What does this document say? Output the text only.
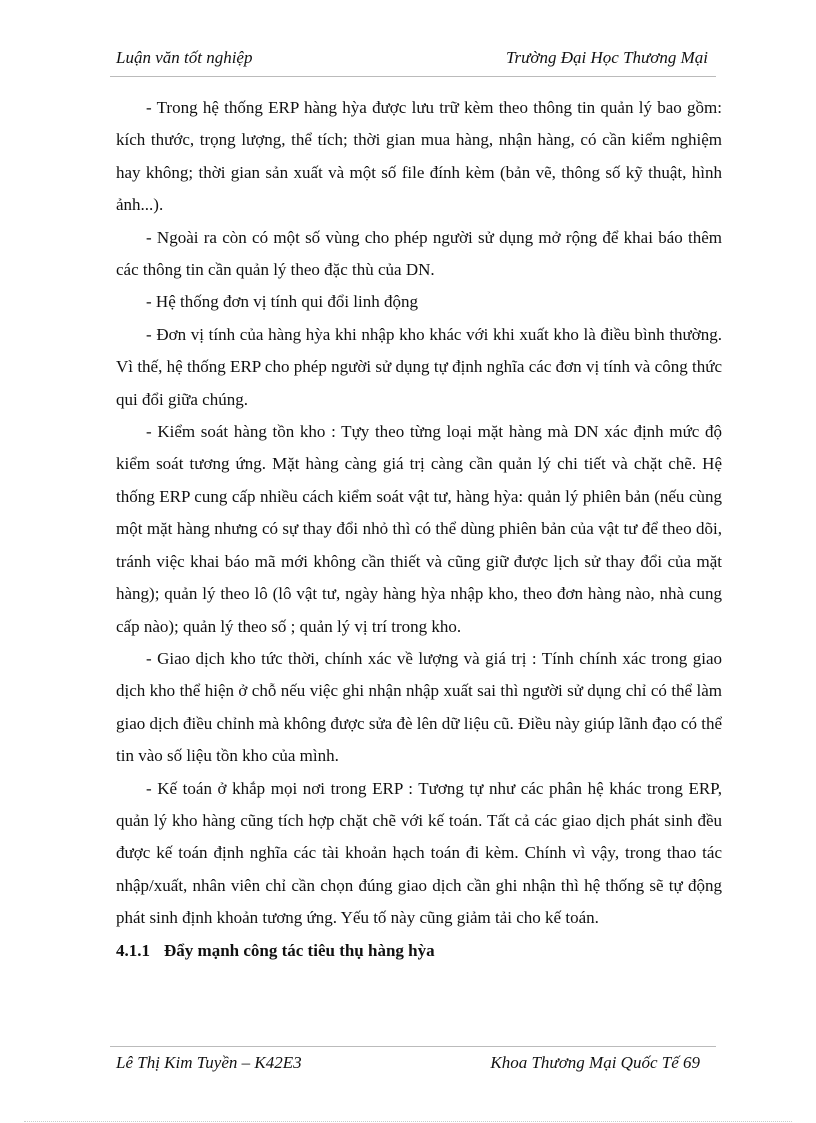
Luận văn tốt nghiệp	Trường Đại Học Thương Mại

- Trong hệ thống ERP hàng hỳa được lưu trữ kèm theo thông tin quản lý bao gồm: kích thước, trọng lượng, thể tích; thời gian mua hàng, nhận hàng, có cần kiểm nghiệm hay không; thời gian sản xuất và một số file đính kèm (bản vẽ, thông số kỹ thuật, hình ảnh...).

- Ngoài ra còn có một số vùng cho phép người sử dụng mở rộng để khai báo thêm các thông tin cần quản lý theo đặc thù của DN.

- Hệ thống đơn vị tính qui đổi linh động

- Đơn vị tính của hàng hỳa khi nhập kho khác với khi xuất kho là điều bình thường. Vì thế, hệ thống ERP cho phép người sử dụng tự định nghĩa các đơn vị tính và công thức qui đổi giữa chúng.

- Kiểm soát hàng tồn kho : Tựy theo từng loại mặt hàng mà DN xác định mức độ kiểm soát tương ứng. Mặt hàng càng giá trị càng cần quản lý chi tiết và chặt chẽ. Hệ thống ERP cung cấp nhiều cách kiểm soát vật tư, hàng hỳa: quản lý phiên bản (nếu cùng một mặt hàng nhưng có sự thay đổi nhỏ thì có thể dùng phiên bản của vật tư để theo dõi, tránh việc khai báo mã mới không cần thiết và cũng giữ được lịch sử thay đổi của mặt hàng); quản lý theo lô (lô vật tư, ngày hàng hỳa nhập kho, theo đơn hàng nào, nhà cung cấp nào); quản lý theo số ; quản lý vị trí trong kho.

- Giao dịch kho tức thời, chính xác về lượng và giá trị : Tính chính xác trong giao dịch kho thể hiện ở chỗ nếu việc ghi nhận nhập xuất sai thì người sử dụng chỉ có thể làm giao dịch điều chỉnh mà không được sửa đè lên dữ liệu cũ. Điều này giúp lãnh đạo có thể tin vào số liệu tồn kho của mình.

- Kế toán ở khắp mọi nơi trong ERP : Tương tự như các phân hệ khác trong ERP, quản lý kho hàng cũng tích hợp chặt chẽ với kế toán. Tất cả các giao dịch phát sinh đều được kế toán định nghĩa các tài khoản hạch toán đi kèm. Chính vì vậy, trong thao tác nhập/xuất, nhân viên chỉ cần chọn đúng giao dịch cần ghi nhận thì hệ thống sẽ tự động phát sinh định khoản tương ứng. Yếu tố này cũng giảm tải cho kế toán.

4.1.1 Đẩy mạnh công tác tiêu thụ hàng hỳa

Lê Thị Kim Tuyền – K42E3	Khoa Thương Mại Quốc Tế 69
